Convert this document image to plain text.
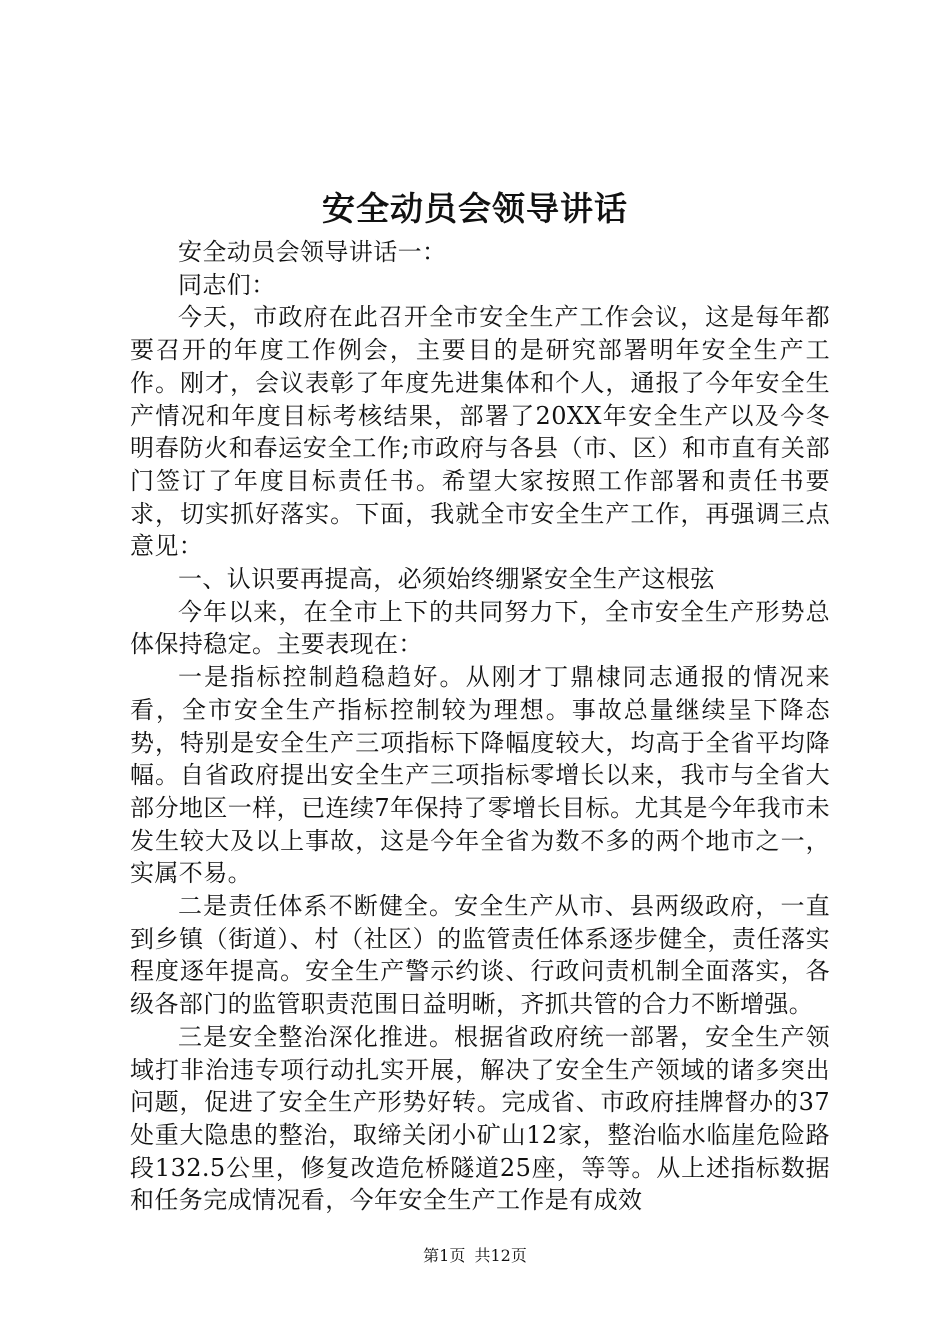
安全动员会领导讲话

安全动员会领导讲话一：

同志们：

今天，市政府在此召开全市安全生产工作会议，这是每年都要召开的年度工作例会，主要目的是研究部署明年安全生产工作。刚才，会议表彰了年度先进集体和个人，通报了今年安全生产情况和年度目标考核结果，部署了20XX年安全生产以及今冬明春防火和春运安全工作;市政府与各县（市、区）和市直有关部门签订了年度目标责任书。希望大家按照工作部署和责任书要求，切实抓好落实。下面，我就全市安全生产工作，再强调三点意见：

一、认识要再提高，必须始终绷紧安全生产这根弦

今年以来，在全市上下的共同努力下，全市安全生产形势总体保持稳定。主要表现在：

一是指标控制趋稳趋好。从刚才丁鼎棣同志通报的情况来看，全市安全生产指标控制较为理想。事故总量继续呈下降态势，特别是安全生产三项指标下降幅度较大，均高于全省平均降幅。自省政府提出安全生产三项指标零增长以来，我市与全省大部分地区一样，已连续7年保持了零增长目标。尤其是今年我市未发生较大及以上事故，这是今年全省为数不多的两个地市之一，实属不易。

二是责任体系不断健全。安全生产从市、县两级政府，一直到乡镇（街道）、村（社区）的监管责任体系逐步健全，责任落实程度逐年提高。安全生产警示约谈、行政问责机制全面落实，各级各部门的监管职责范围日益明晰，齐抓共管的合力不断增强。

三是安全整治深化推进。根据省政府统一部署，安全生产领域打非治违专项行动扎实开展，解决了安全生产领域的诸多突出问题，促进了安全生产形势好转。完成省、市政府挂牌督办的37处重大隐患的整治，取缔关闭小矿山12家，整治临水临崖危险路段132.5公里，修复改造危桥隧道25座，等等。从上述指标数据和任务完成情况看，今年安全生产工作是有成效

第1页 共12页
